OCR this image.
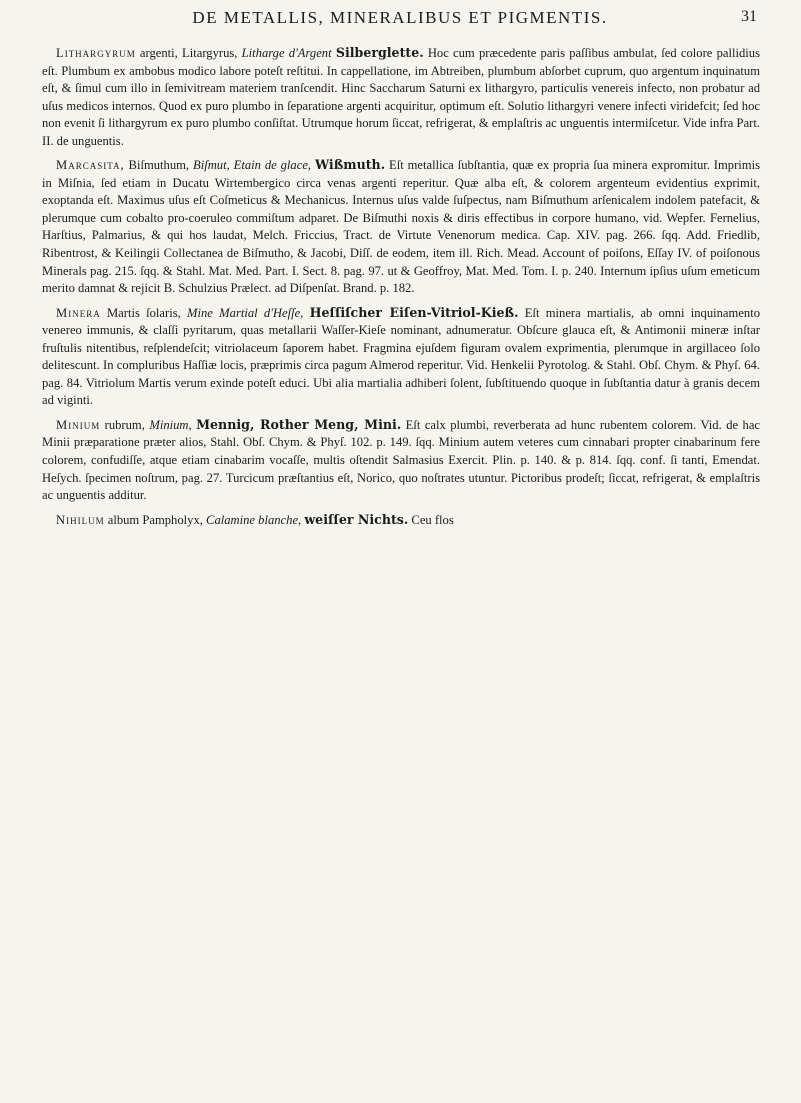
DE METALLIS, MINERALIBUS ET PIGMENTIS.	31

Lithargyrum argenti, Litargyrus, Litharge d'Argent Silberglette. Hoc cum præcedente paris paſſibus ambulat, ſed colore pallidius eſt. Plumbum ex ambobus modico labore poteſt reſtitui. In cappellatione, im Abtreiben, plumbum abſorbet cuprum, quo argentum inquinatum eſt, & ſimul cum illo in ſemivitream materiem tranſcendit. Hinc Saccharum Saturni ex lithargyro, particulis venereis infecto, non probatur ad uſus medicos internos. Quod ex puro plumbo in ſeparatione argenti acquiritur, optimum eſt. Solutio lithargyri venere infecti viridefcit; ſed hoc non evenit ſi lithargyrum ex puro plumbo conſiſtat. Utrumque horum ſiccat, refrigerat, & emplaſtris ac unguentis intermiſcetur. Vide infra Part. II. de unguentis.

Marcasita, Biſmuthum, Biſmut, Etain de glace, Wißmuth. Eſt metallica ſubſtantia, quæ ex propria ſua minera expromitur. Imprimis in Miſnia, ſed etiam in Ducatu Wirtembergico circa venas argenti reperitur. Quæ alba eſt, & colorem argenteum evidentius exprimit, exoptanda eſt. Maximus uſus eſt Coſmeticus & Mechanicus. Internus uſus valde ſuſpectus, nam Biſmuthum arſenicalem indolem patefacit, & plerumque cum cobalto pro-coeruleo commiſtum adparet. De Biſmuthi noxis & diris effectibus in corpore humano, vid. Wepfer. Fernelius, Harſtius, Palmarius, & qui hos laudat, Melch. Friccius, Tract. de Virtute Venenorum medica. Cap. XIV. pag. 266. ſqq. Add. Friedlib, Ribentrost, & Keilingii Collectanea de Biſmutho, & Jacobi, Diſſ. de eodem, item ill. Rich. Mead. Account of poiſons, Eſſay IV. of poiſonous Minerals pag. 215. ſqq. & Stahl. Mat. Med. Part. I. Sect. 8. pag. 97. ut & Geoffroy, Mat. Med. Tom. I. p. 240. Internum ipſius uſum emeticum merito damnat & rejicit B. Schulzius Prælect. ad Diſpenſat. Brand. p. 182.

Minera Martis ſolaris, Mine Martial d'Heſſe, Heſſiſcher Eiſen-Vitriol-Kieß. Eſt minera martialis, ab omni inquinamento venereo immunis, & claſſi pyritarum, quas metallarii Waſſer-Kieſe nominant, adnumeratur. Obſcure glauca eſt, & Antimonii mineræ inſtar fruſtulis nitentibus, reſplendeſcit; vitriolaceum ſaporem habet. Fragmina ejuſdem figuram ovalem exprimentia, plerumque in argillaceo ſolo delitescunt. In compluribus Haſſiæ locis, præprimis circa pagum Almerod reperitur. Vid. Henkelii Pyrotolog. & Stahl. Obſ. Chym. & Phyſ. 64. pag. 84. Vitriolum Martis verum exinde poteſt educi. Ubi alia martialia adhiberi ſolent, ſubſtituendo quoque in ſubſtantia datur à granis decem ad viginti.

Minium rubrum, Minium, Mennig, Rother Meng, Mini. Eſt calx plumbi, reverberata ad hunc rubentem colorem. Vid. de hac Minii præparatione præter alios, Stahl. Obſ. Chym. & Phyſ. 102. p. 149. ſqq. Minium autem veteres cum cinnabari propter cinabarinum fere colorem, confudiſſe, atque etiam cinabarim vocaſſe, multis oſtendit Salmasius Exercit. Plin. p. 140. & p. 814. ſqq. conf. ſi tanti, Emendat. Heſych. ſpecimen noſtrum, pag. 27. Turcicum præſtantius eſt, Norico, quo noſtrates utuntur. Pictoribus prodeſt; ſiccat, refrigerat, & emplaſtris ac unguentis additur.

Nihilum album Pampholyx, Calamine blanche, weiſſer Nichts. Ceu flos
